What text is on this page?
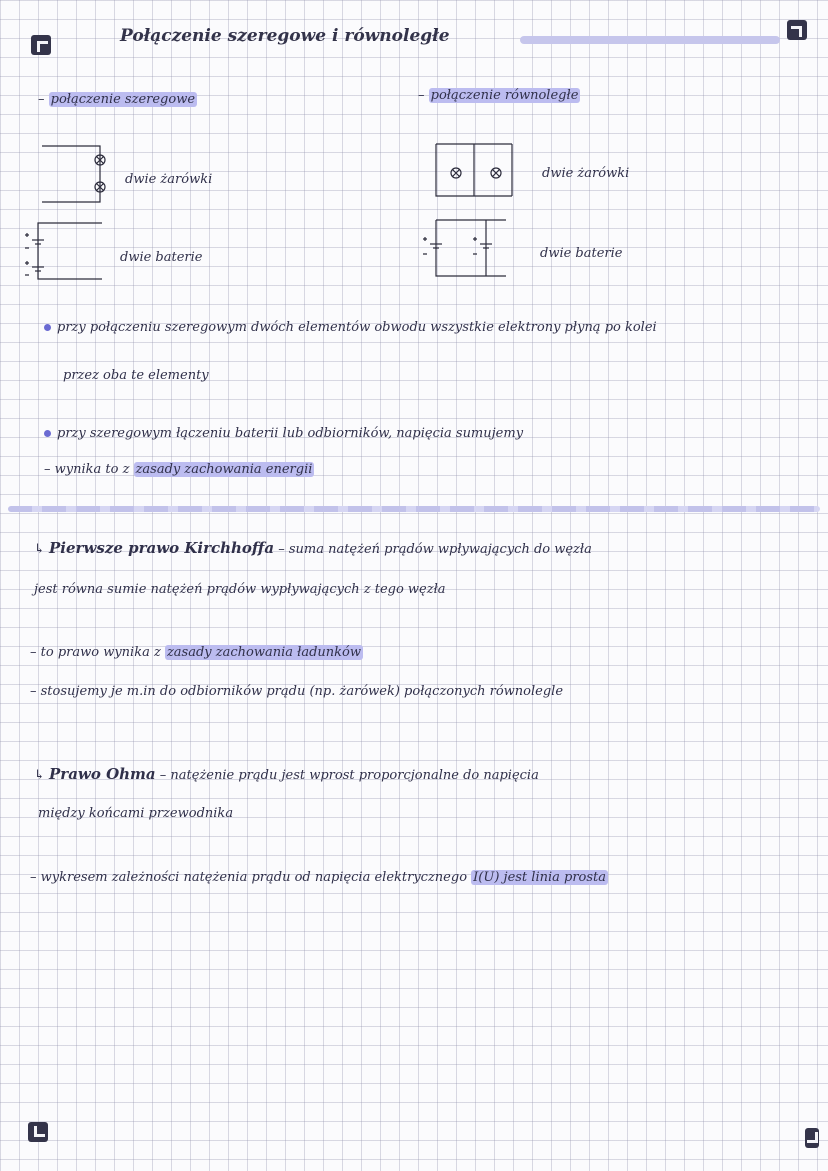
Połączenie szeregowe i równoległe
– połączenie szeregowe	– połączenie równoległe
dwie żarówki
dwie baterie
dwie żarówki
dwie baterie
przy połączeniu szeregowym dwóch elementów obwodu wszystkie elektrony płyną po kolei
przez oba te elementy
przy szeregowym łączeniu baterii lub odbiorników, napięcia sumujemy
– wynika to z zasady zachowania energii
↳ Pierwsze prawo Kirchhoffa – suma natężeń prądów wpływających do węzła
jest równa sumie natężeń prądów wypływających z tego węzła
– to prawo wynika z zasady zachowania ładunków
– stosujemy je m.in do odbiorników prądu (np. żarówek) połączonych równolegle
↳ Prawo Ohma – natężenie prądu jest wprost proporcjonalne do napięcia
między końcami przewodnika
– wykresem zależności natężenia prądu od napięcia elektrycznego I(U) jest linia prosta
